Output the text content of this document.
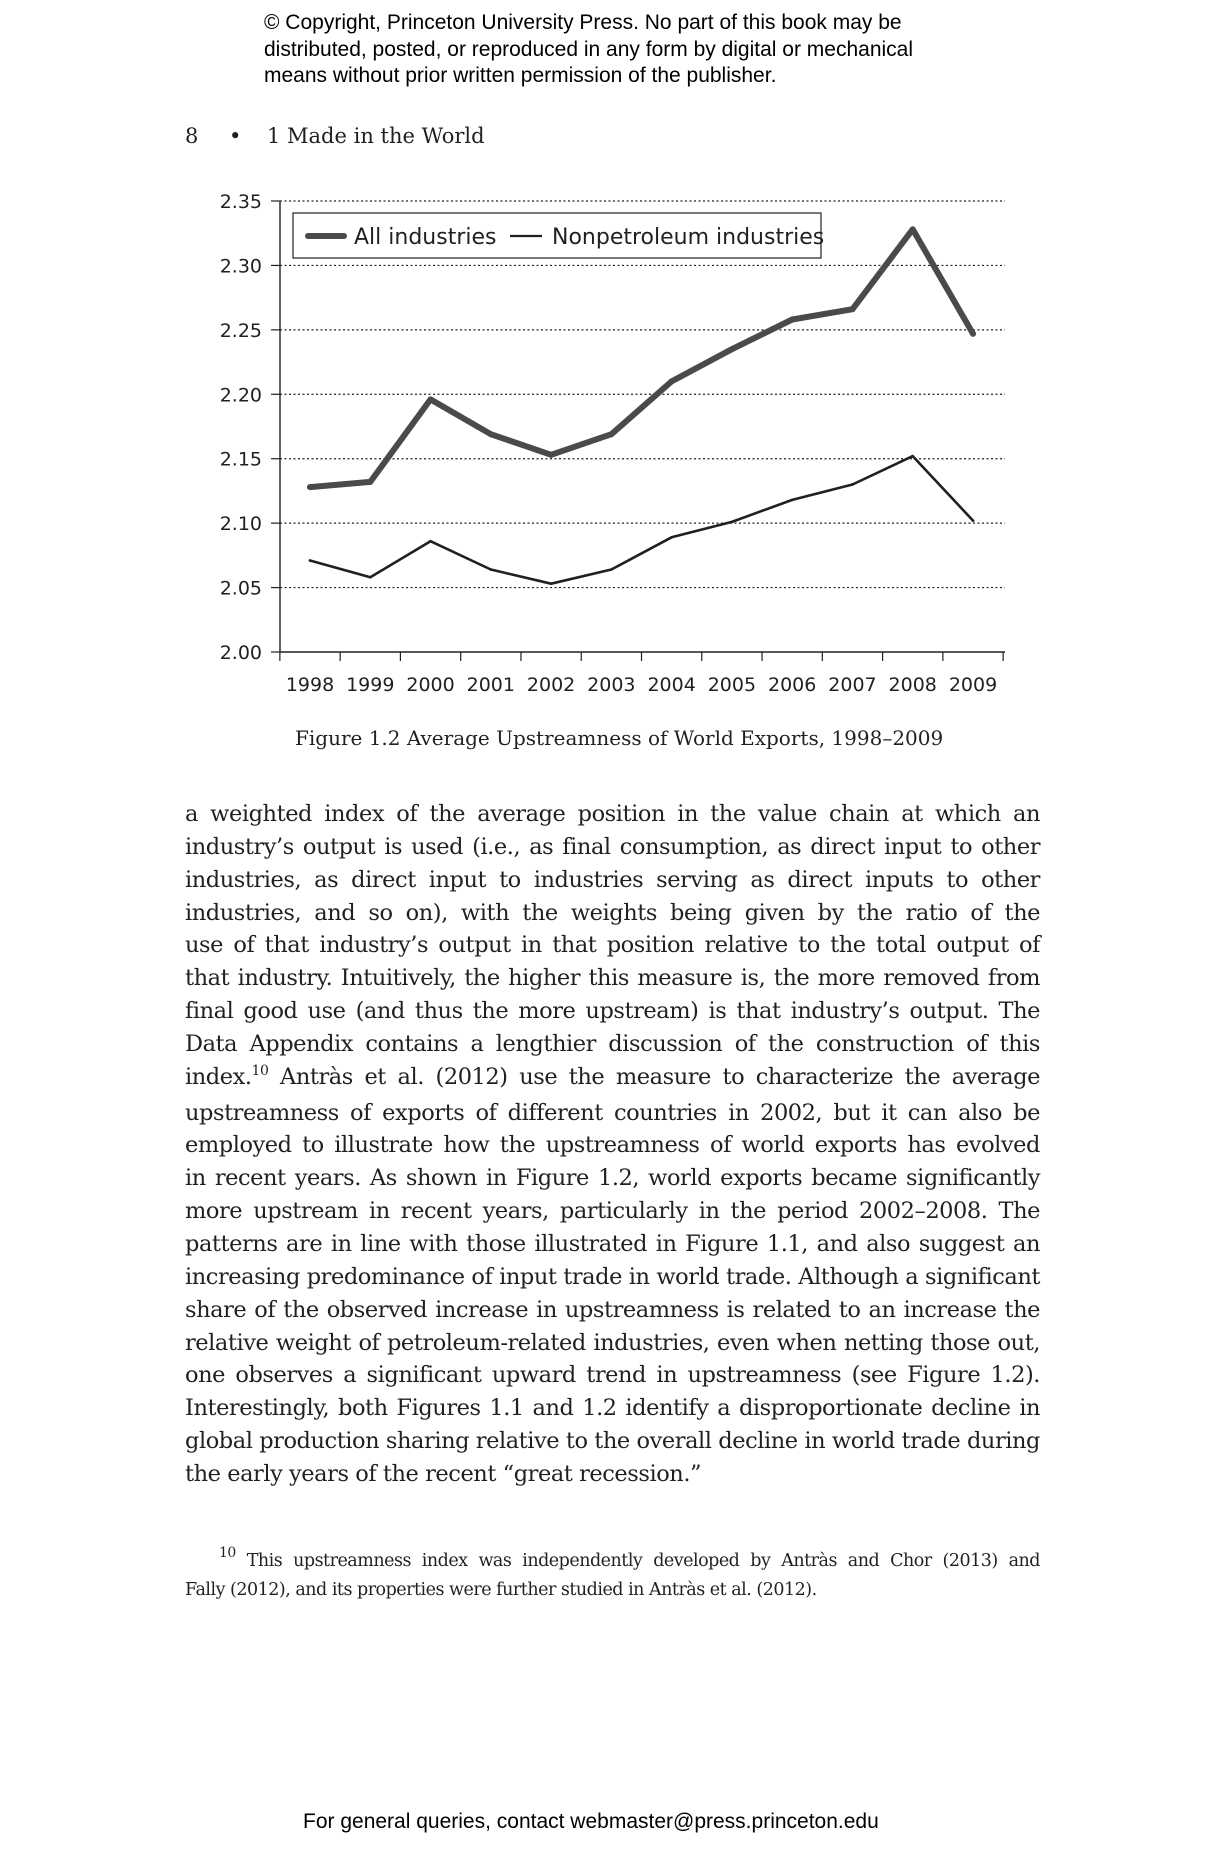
© Copyright, Princeton University Press. No part of this book may be
distributed, posted, or reproduced in any form by digital or mechanical
means without prior written permission of the publisher.
8 • 1 Made in the World
2.00
2.05
2.10
2.15
2.20
2.25
2.30
2.35
1998 1999 2000 2001 2002 2003 2004 2005 2006 2007 2008 2009
All industries	Nonpetroleum industries
Figure 1.2 Average Upstreamness of World Exports, 1998–2009
a weighted index of the average position in the value chain at which an
industry’s output is used (i.e., as final consumption, as direct input to other
industries, as direct input to industries serving as direct inputs to other
industries, and so on), with the weights being given by the ratio of the
use of that industry’s output in that position relative to the total output of
that industry. Intuitively, the higher this measure is, the more removed from
final good use (and thus the more upstream) is that industry’s output. The
Data Appendix contains a lengthier discussion of the construction of this
index.$^{10}$ Antràs et al. (2012) use the measure to characterize the average
upstreamness of exports of different countries in 2002, but it can also be
employed to illustrate how the upstreamness of world exports has evolved
in recent years. As shown in Figure 1.2, world exports became significantly
more upstream in recent years, particularly in the period 2002–2008. The
patterns are in line with those illustrated in Figure 1.1, and also suggest an
increasing predominance of input trade in world trade. Although a significant
share of the observed increase in upstreamness is related to an increase the
relative weight of petroleum-related industries, even when netting those out,
one observes a significant upward trend in upstreamness (see Figure 1.2).
Interestingly, both Figures 1.1 and 1.2 identify a disproportionate decline in
global production sharing relative to the overall decline in world trade during
the early years of the recent “great recession.”
$^{10}$ This upstreamness index was independently developed by Antràs and Chor (2013) and
Fally (2012), and its properties were further studied in Antràs et al. (2012).
For general queries, contact webmaster@press.princeton.edu
